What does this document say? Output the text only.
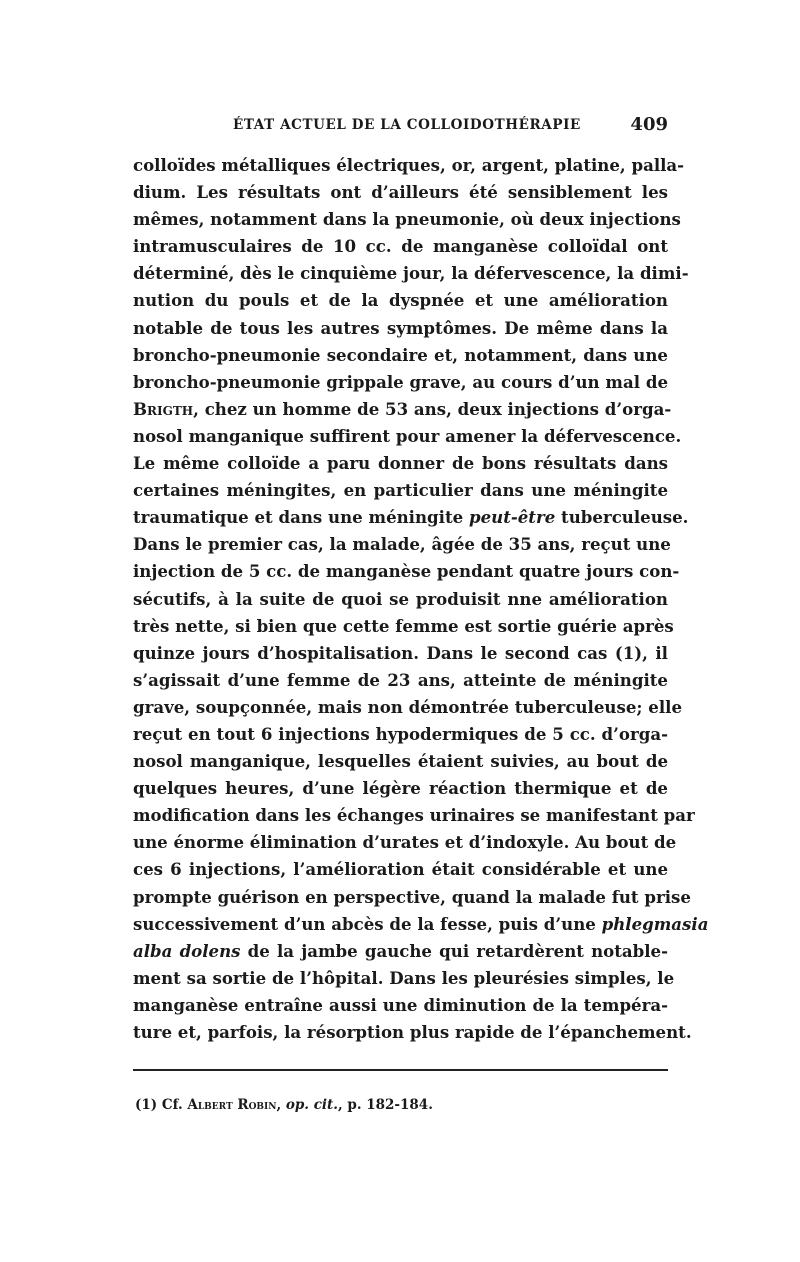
ÉTAT ACTUEL DE LA COLLOIDOTHÉRAPIE	409
colloïdes métalliques électriques, or, argent, platine, palla-
dium. Les résultats ont d’ailleurs été sensiblement les
mêmes, notamment dans la pneumonie, où deux injections
intramusculaires de 10 cc. de manganèse colloïdal ont
déterminé, dès le cinquième jour, la défervescence, la dimi-
nution du pouls et de la dyspnée et une amélioration
notable de tous les autres symptômes. De même dans la
broncho-pneumonie secondaire et, notamment, dans une
broncho-pneumonie grippale grave, au cours d’un mal de
Brigth, chez un homme de 53 ans, deux injections d’orga-
nosol manganique suffirent pour amener la défervescence.
Le même colloïde a paru donner de bons résultats dans
certaines méningites, en particulier dans une méningite
traumatique et dans une méningite peut-être tuberculeuse.
Dans le premier cas, la malade, âgée de 35 ans, reçut une
injection de 5 cc. de manganèse pendant quatre jours con-
sécutifs, à la suite de quoi se produisit nne amélioration
très nette, si bien que cette femme est sortie guérie après
quinze jours d’hospitalisation. Dans le second cas (1), il
s’agissait d’une femme de 23 ans, atteinte de méningite
grave, soupçonnée, mais non démontrée tuberculeuse; elle
reçut en tout 6 injections hypodermiques de 5 cc. d’orga-
nosol manganique, lesquelles étaient suivies, au bout de
quelques heures, d’une légère réaction thermique et de
modification dans les échanges urinaires se manifestant par
une énorme élimination d’urates et d’indoxyle. Au bout de
ces 6 injections, l’amélioration était considérable et une
prompte guérison en perspective, quand la malade fut prise
successivement d’un abcès de la fesse, puis d’une phlegmasia
alba dolens de la jambe gauche qui retardèrent notable-
ment sa sortie de l’hôpital. Dans les pleurésies simples, le
manganèse entraîne aussi une diminution de la tempéra-
ture et, parfois, la résorption plus rapide de l’épanchement.
(1) Cf. Albert Robin, op. cit., p. 182-184.
